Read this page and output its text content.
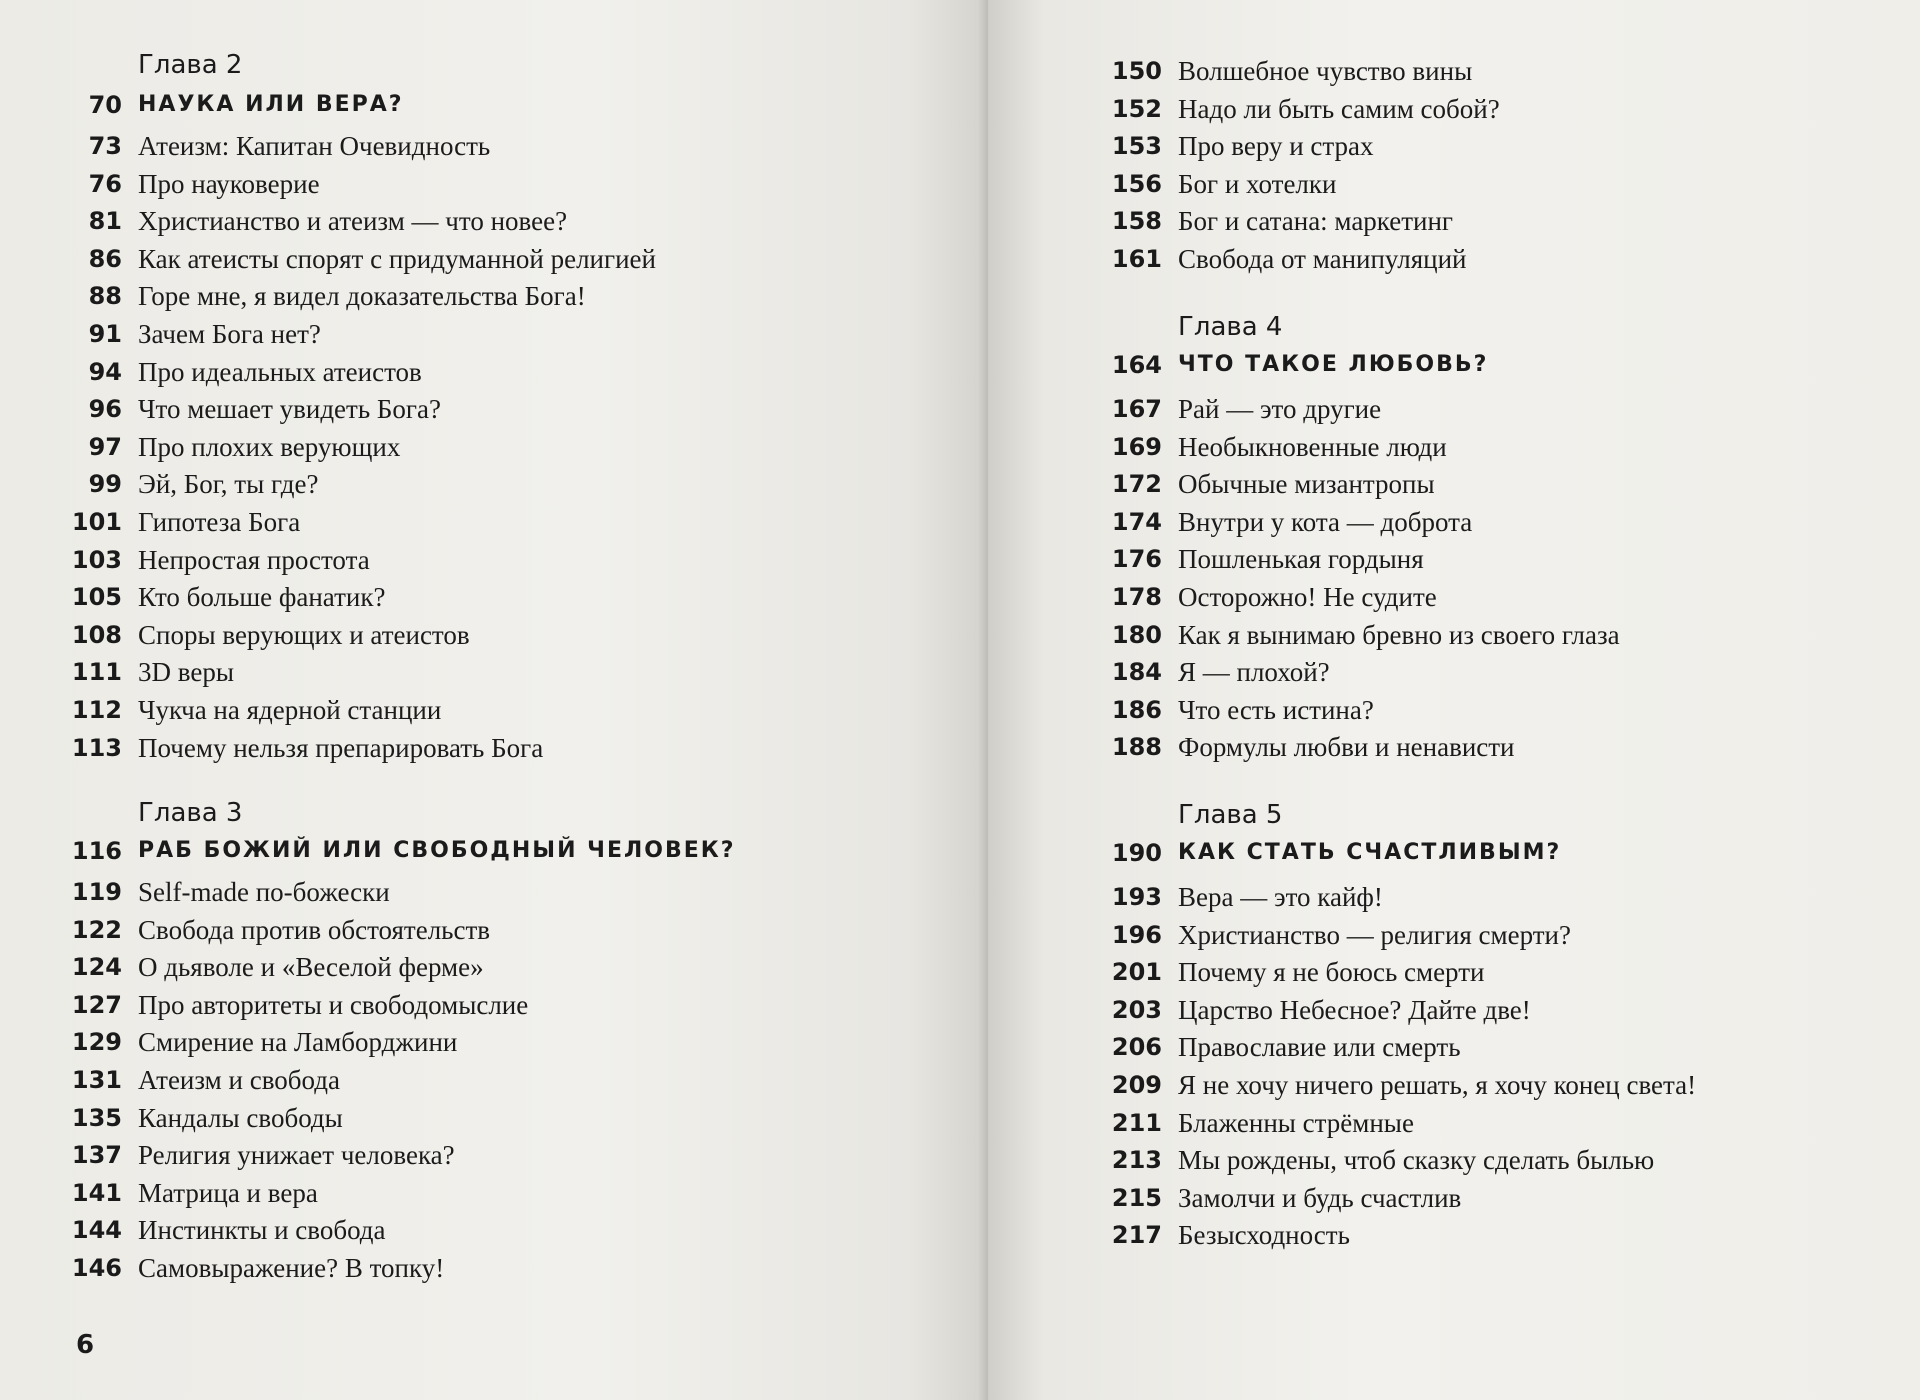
Глава 2
70 НАУКА ИЛИ ВЕРА?
73 Атеизм: Капитан Очевидность
76 Про науковерие
81 Христианство и атеизм — что новее?
86 Как атеисты спорят с придуманной религией
88 Горе мне, я видел доказательства Бога!
91 Зачем Бога нет?
94 Про идеальных атеистов
96 Что мешает увидеть Бога?
97 Про плохих верующих
99 Эй, Бог, ты где?
101 Гипотеза Бога
103 Непростая простота
105 Кто больше фанатик?
108 Споры верующих и атеистов
111 3D веры
112 Чукча на ядерной станции
113 Почему нельзя препарировать Бога
Глава 3
116 РАБ БОЖИЙ ИЛИ СВОБОДНЫЙ ЧЕЛОВЕК?
119 Self-made по-божески
122 Свобода против обстоятельств
124 О дьяволе и «Веселой ферме»
127 Про авторитеты и свободомыслие
129 Смирение на Ламборджини
131 Атеизм и свобода
135 Кандалы свободы
137 Религия унижает человека?
141 Матрица и вера
144 Инстинкты и свобода
146 Самовыражение? В топку!
6
150 Волшебное чувство вины
152 Надо ли быть самим собой?
153 Про веру и страх
156 Бог и хотелки
158 Бог и сатана: маркетинг
161 Свобода от манипуляций
Глава 4
164 ЧТО ТАКОЕ ЛЮБОВЬ?
167 Рай — это другие
169 Необыкновенные люди
172 Обычные мизантропы
174 Внутри у кота — доброта
176 Пошленькая гордыня
178 Осторожно! Не судите
180 Как я вынимаю бревно из своего глаза
184 Я — плохой?
186 Что есть истина?
188 Формулы любви и ненависти
Глава 5
190 КАК СТАТЬ СЧАСТЛИВЫМ?
193 Вера — это кайф!
196 Христианство — религия смерти?
201 Почему я не боюсь смерти
203 Царство Небесное? Дайте две!
206 Православие или смерть
209 Я не хочу ничего решать, я хочу конец света!
211 Блаженны стрёмные
213 Мы рождены, чтоб сказку сделать былью
215 Замолчи и будь счастлив
217 Безысходность
